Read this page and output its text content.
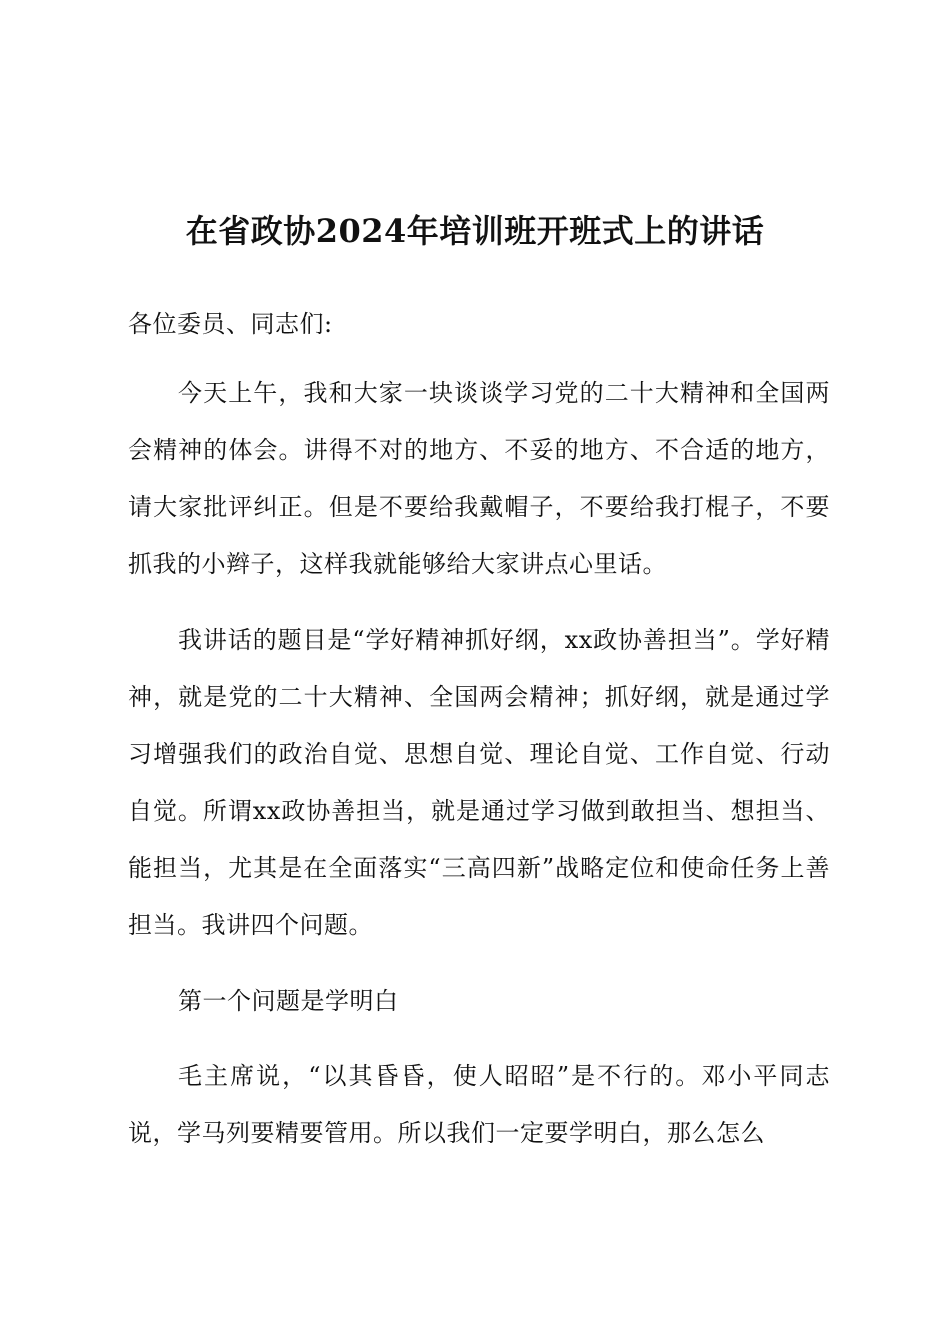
在省政协2024年培训班开班式上的讲话

各位委员、同志们:

今天上午，我和大家一块谈谈学习党的二十大精神和全国两会精神的体会。讲得不对的地方、不妥的地方、不合适的地方，请大家批评纠正。但是不要给我戴帽子，不要给我打棍子，不要抓我的小辫子，这样我就能够给大家讲点心里话。

我讲话的题目是“学好精神抓好纲，xx政协善担当”。学好精神，就是党的二十大精神、全国两会精神；抓好纲，就是通过学习增强我们的政治自觉、思想自觉、理论自觉、工作自觉、行动自觉。所谓xx政协善担当，就是通过学习做到敢担当、想担当、能担当，尤其是在全面落实“三高四新”战略定位和使命任务上善担当。我讲四个问题。

第一个问题是学明白

毛主席说，“以其昏昏，使人昭昭”是不行的。邓小平同志说，学马列要精要管用。所以我们一定要学明白，那么怎么
